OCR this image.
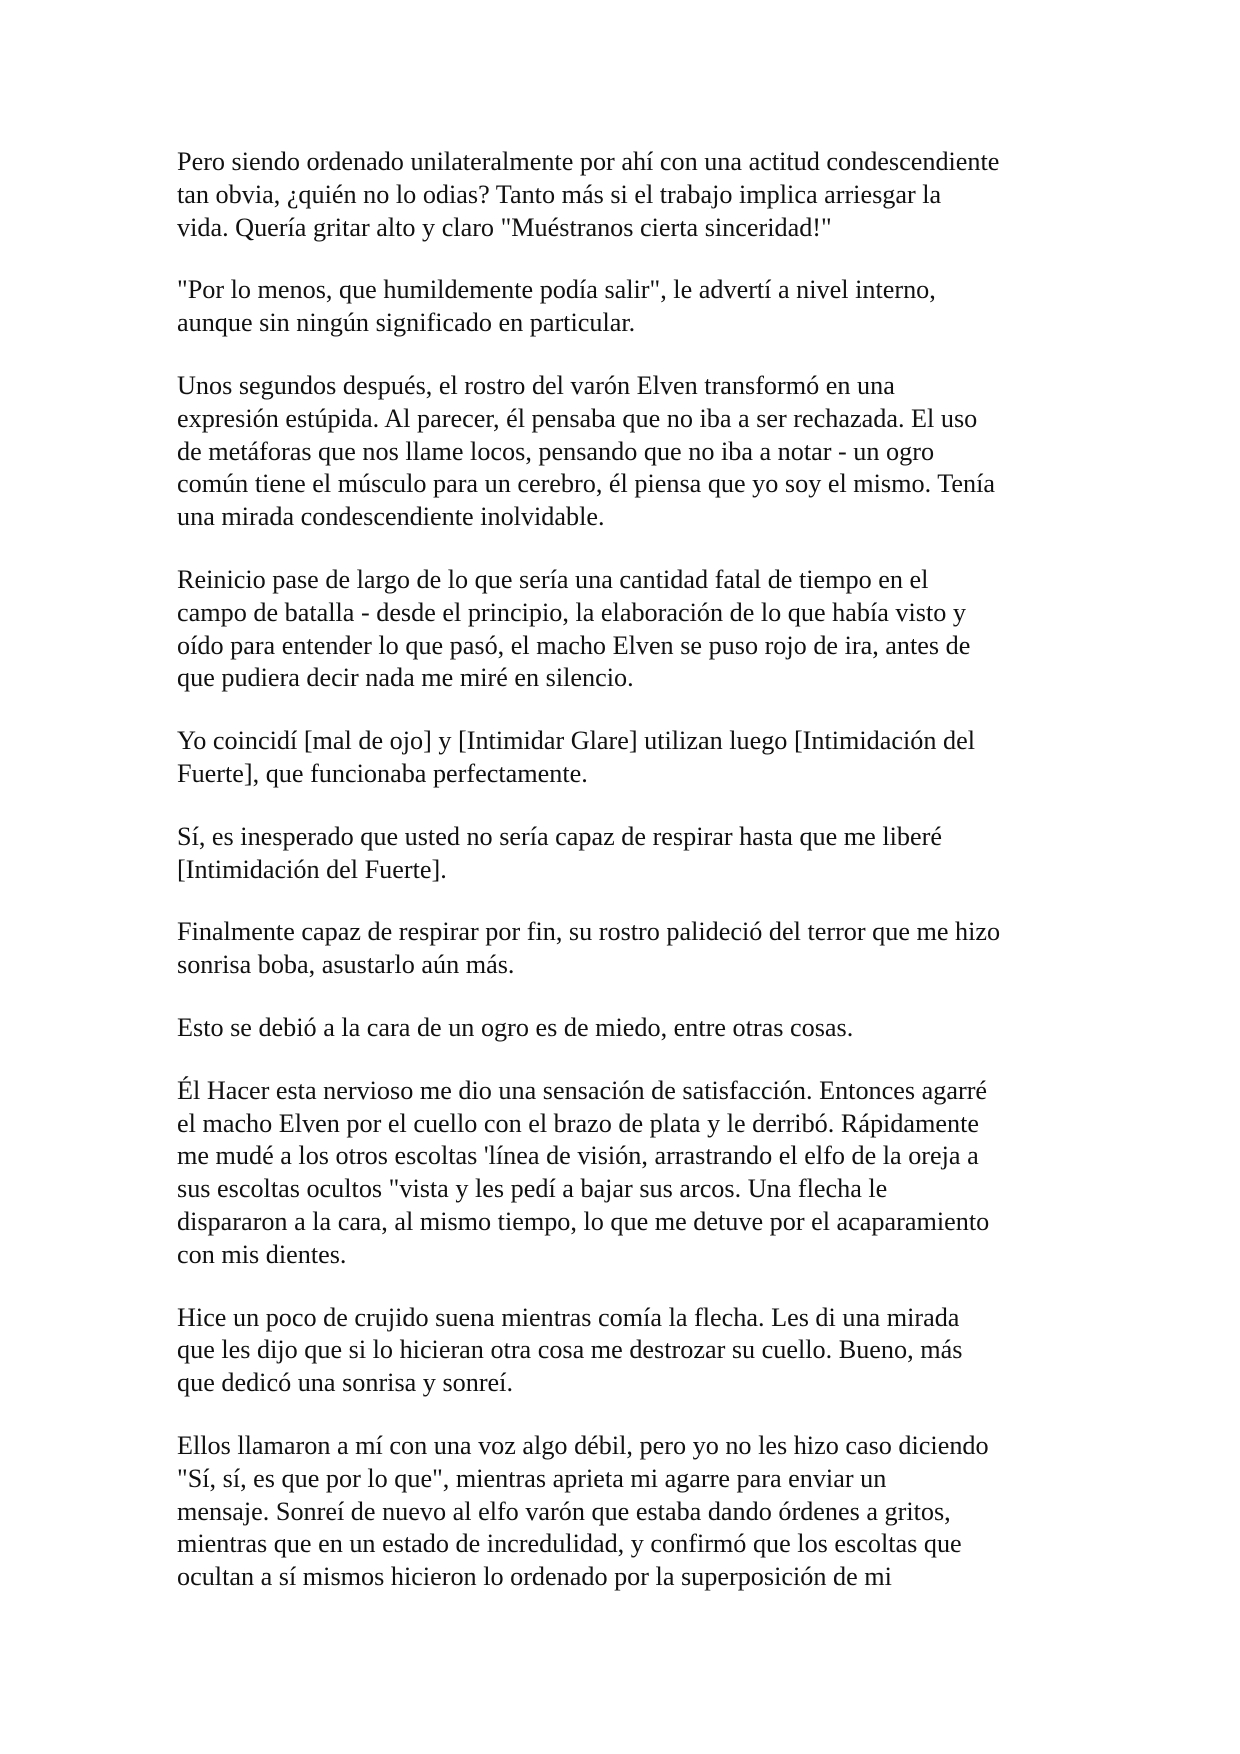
Pero siendo ordenado unilateralmente por ahí con una actitud condescendiente
tan obvia, ¿quién no lo odias? Tanto más si el trabajo implica arriesgar la
vida. Quería gritar alto y claro "Muéstranos cierta sinceridad!"

"Por lo menos, que humildemente podía salir", le advertí a nivel interno,
aunque sin ningún significado en particular.

Unos segundos después, el rostro del varón Elven transformó en una
expresión estúpida. Al parecer, él pensaba que no iba a ser rechazada. El uso
de metáforas que nos llame locos, pensando que no iba a notar - un ogro
común tiene el músculo para un cerebro, él piensa que yo soy el mismo. Tenía
una mirada condescendiente inolvidable.

Reinicio pase de largo de lo que sería una cantidad fatal de tiempo en el
campo de batalla - desde el principio, la elaboración de lo que había visto y
oído para entender lo que pasó, el macho Elven se puso rojo de ira, antes de
que pudiera decir nada me miré en silencio.

Yo coincidí [mal de ojo] y [Intimidar Glare] utilizan luego [Intimidación del
Fuerte], que funcionaba perfectamente.

Sí, es inesperado que usted no sería capaz de respirar hasta que me liberé
[Intimidación del Fuerte].

Finalmente capaz de respirar por fin, su rostro palideció del terror que me hizo
sonrisa boba, asustarlo aún más.

Esto se debió a la cara de un ogro es de miedo, entre otras cosas.

Él Hacer esta nervioso me dio una sensación de satisfacción. Entonces agarré
el macho Elven por el cuello con el brazo de plata y le derribó. Rápidamente
me mudé a los otros escoltas 'línea de visión, arrastrando el elfo de la oreja a
sus escoltas ocultos "vista y les pedí a bajar sus arcos. Una flecha le
dispararon a la cara, al mismo tiempo, lo que me detuve por el acaparamiento
con mis dientes.

Hice un poco de crujido suena mientras comía la flecha. Les di una mirada
que les dijo que si lo hicieran otra cosa me destrozar su cuello. Bueno, más
que dedicó una sonrisa y sonreí.

Ellos llamaron a mí con una voz algo débil, pero yo no les hizo caso diciendo
"Sí, sí, es que por lo que", mientras aprieta mi agarre para enviar un
mensaje. Sonreí de nuevo al elfo varón que estaba dando órdenes a gritos,
mientras que en un estado de incredulidad, y confirmó que los escoltas que
ocultan a sí mismos hicieron lo ordenado por la superposición de mi
